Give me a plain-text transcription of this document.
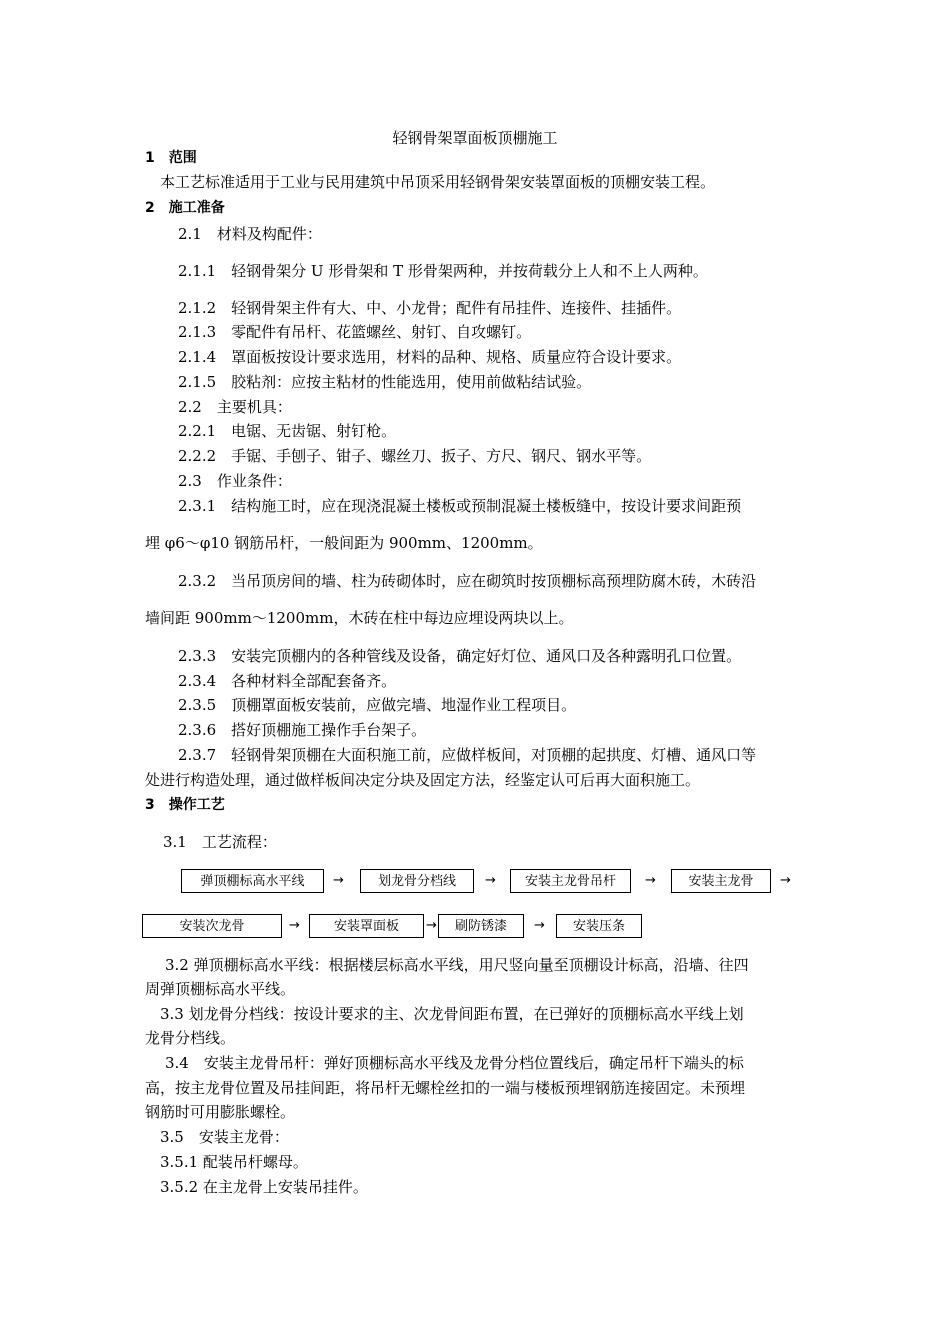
轻钢骨架罩面板顶棚施工
1　范围
本工艺标准适用于工业与民用建筑中吊顶采用轻钢骨架安装罩面板的顶棚安装工程。
2　施工准备
2.1　材料及构配件：
2.1.1　轻钢骨架分 U 形骨架和 T 形骨架两种，并按荷载分上人和不上人两种。
2.1.2　轻钢骨架主件有大、中、小龙骨；配件有吊挂件、连接件、挂插件。
2.1.3　零配件有吊杆、花篮螺丝、射钉、自攻螺钉。
2.1.4　罩面板按设计要求选用，材料的品种、规格、质量应符合设计要求。
2.1.5　胶粘剂：应按主粘材的性能选用，使用前做粘结试验。
2.2　主要机具：
2.2.1　电锯、无齿锯、射钉枪。
2.2.2　手锯、手刨子、钳子、螺丝刀、扳子、方尺、钢尺、钢水平等。
2.3　作业条件：
2.3.1　结构施工时，应在现浇混凝土楼板或预制混凝土楼板缝中，按设计要求间距预
埋 φ6～φ10 钢筋吊杆，一般间距为 900mm、1200mm。
2.3.2　当吊顶房间的墙、柱为砖砌体时，应在砌筑时按顶棚标高预埋防腐木砖，木砖沿
墙间距 900mm～1200mm，木砖在柱中每边应埋设两块以上。
2.3.3　安装完顶棚内的各种管线及设备，确定好灯位、通风口及各种露明孔口位置。
2.3.4　各种材料全部配套备齐。
2.3.5　顶棚罩面板安装前，应做完墙、地湿作业工程项目。
2.3.6　搭好顶棚施工操作手台架子。
2.3.7　轻钢骨架顶棚在大面积施工前，应做样板间，对顶棚的起拱度、灯槽、通风口等
处进行构造处理，通过做样板间决定分块及固定方法，经鉴定认可后再大面积施工。
3　操作工艺
3.1　工艺流程：
弹顶棚标高水平线	→	划龙骨分档线	→	安装主龙骨吊杆	→	安装主龙骨	→
安装次龙骨	→	安装罩面板	→	刷防锈漆	→	安装压条
3.2 弹顶棚标高水平线：根据楼层标高水平线，用尺竖向量至顶棚设计标高，沿墙、往四
周弹顶棚标高水平线。
3.3 划龙骨分档线：按设计要求的主、次龙骨间距布置，在已弹好的顶棚标高水平线上划
龙骨分档线。
3.4　安装主龙骨吊杆：弹好顶棚标高水平线及龙骨分档位置线后，确定吊杆下端头的标
高，按主龙骨位置及吊挂间距，将吊杆无螺栓丝扣的一端与楼板预埋钢筋连接固定。未预埋
钢筋时可用膨胀螺栓。
3.5　安装主龙骨：
3.5.1 配装吊杆螺母。
3.5.2 在主龙骨上安装吊挂件。
